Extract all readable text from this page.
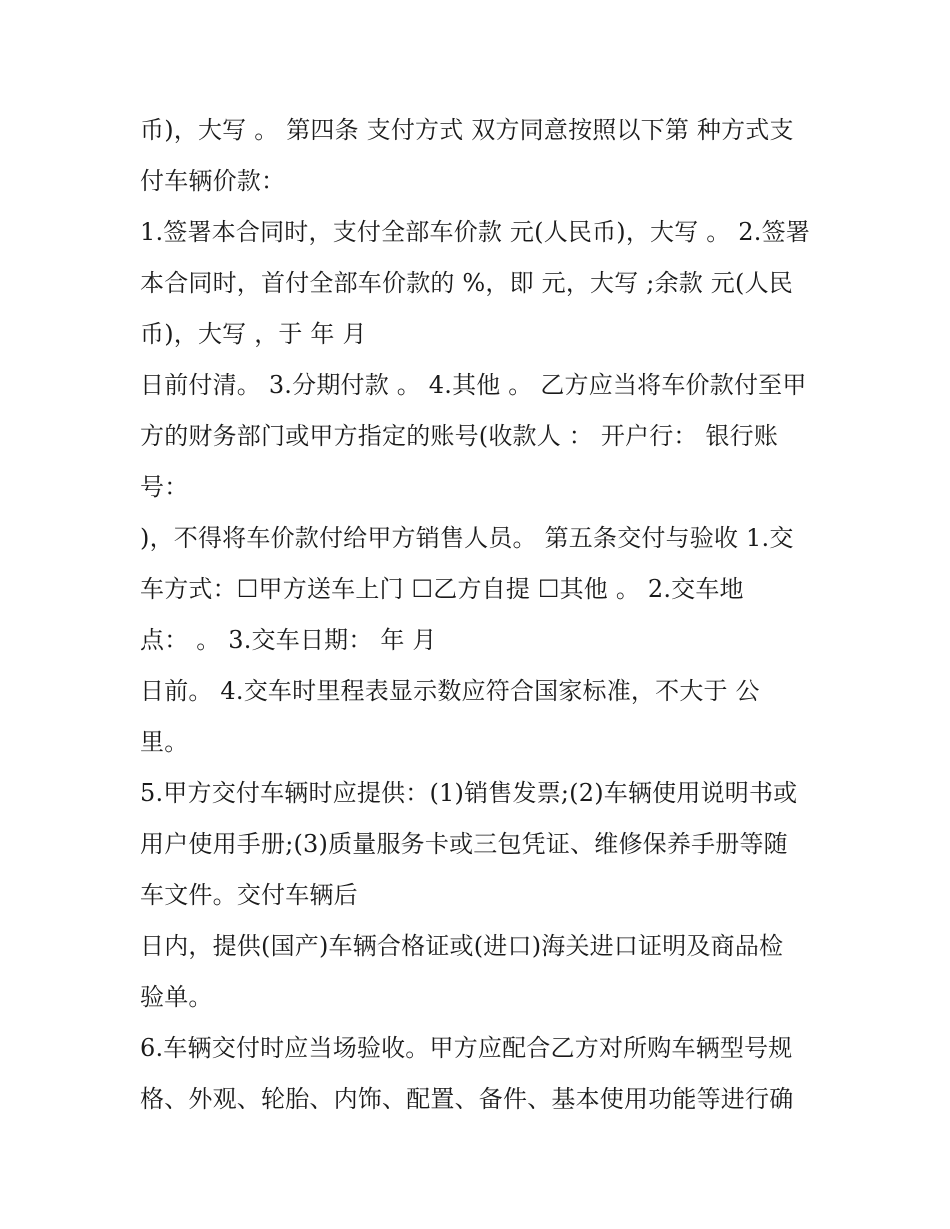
币)，大写 。 第四条 支付方式 双方同意按照以下第 种方式支
付车辆价款：
1.签署本合同时，支付全部车价款 元(人民币)，大写 。 2.签署
本合同时，首付全部车价款的 %，即 元，大写 ;余款 元(人民
币)，大写 ，于 年 月
日前付清。 3.分期付款 。 4.其他 。 乙方应当将车价款付至甲
方的财务部门或甲方指定的账号(收款人 ： 开户行： 银行账
号：
)，不得将车价款付给甲方销售人员。 第五条交付与验收 1.交
车方式：☐甲方送车上门 ☐乙方自提 ☐其他 。 2.交车地
点： 。 3.交车日期： 年 月
日前。 4.交车时里程表显示数应符合国家标准，不大于 公
里。
5.甲方交付车辆时应提供：(1)销售发票;(2)车辆使用说明书或
用户使用手册;(3)质量服务卡或三包凭证、维修保养手册等随
车文件。交付车辆后
日内，提供(国产)车辆合格证或(进口)海关进口证明及商品检
验单。
6.车辆交付时应当场验收。甲方应配合乙方对所购车辆型号规
格、外观、轮胎、内饰、配置、备件、基本使用功能等进行确
